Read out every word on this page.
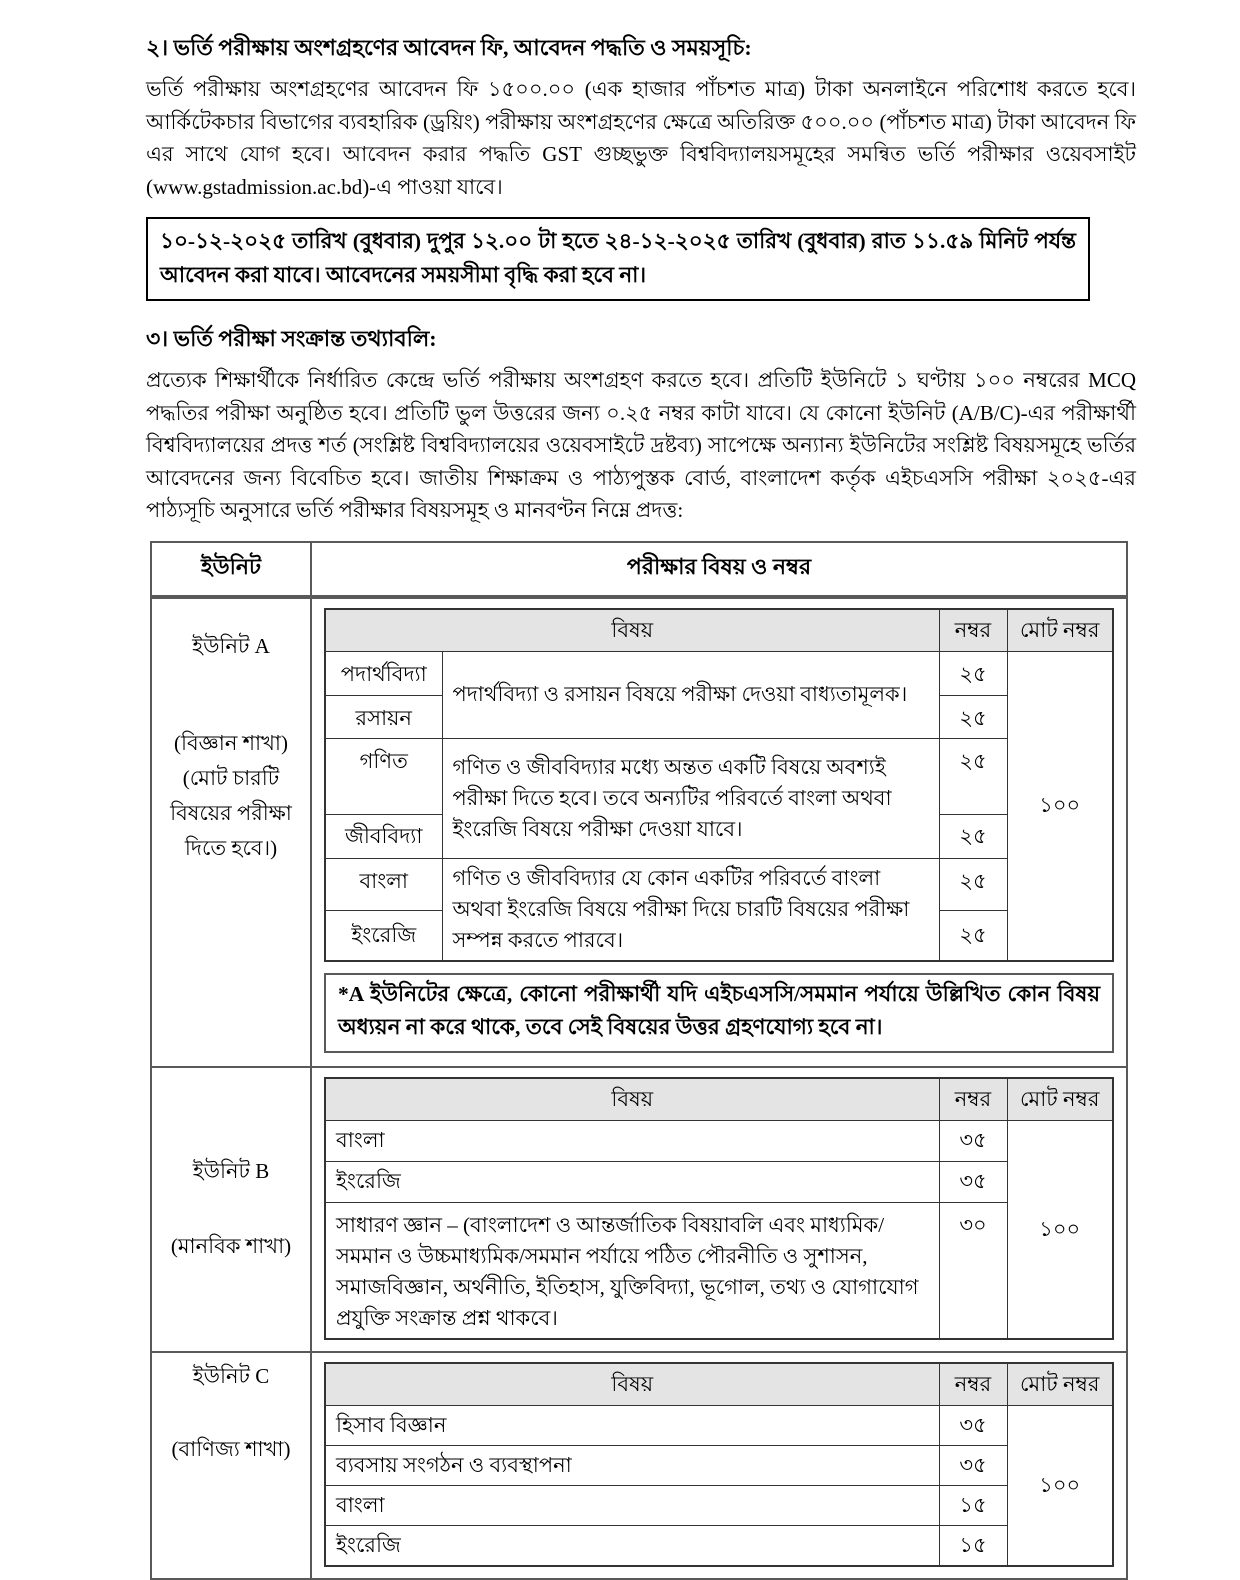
২। ভর্তি পরীক্ষায় অংশগ্রহণের আবেদন ফি, আবেদন পদ্ধতি ও সময়সূচি:
ভর্তি পরীক্ষায় অংশগ্রহণের আবেদন ফি ১৫০০.০০ (এক হাজার পাঁচশত মাত্র) টাকা অনলাইনে পরিশোধ করতে হবে। আর্কিটেকচার বিভাগের ব্যবহারিক (ড্রয়িং) পরীক্ষায় অংশগ্রহণের ক্ষেত্রে অতিরিক্ত ৫০০.০০ (পাঁচশত মাত্র) টাকা আবেদন ফি এর সাথে যোগ হবে। আবেদন করার পদ্ধতি GST গুচ্ছভুক্ত বিশ্ববিদ্যালয়সমূহের সমন্বিত ভর্তি পরীক্ষার ওয়েবসাইট (www.gstadmission.ac.bd)-এ পাওয়া যাবে।
১০-১২-২০২৫ তারিখ (বুধবার) দুপুর ১২.০০ টা হতে ২৪-১২-২০২৫ তারিখ (বুধবার) রাত ১১.৫৯ মিনিট পর্যন্ত আবেদন করা যাবে। আবেদনের সময়সীমা বৃদ্ধি করা হবে না।
৩। ভর্তি পরীক্ষা সংক্রান্ত তথ্যাবলি:
প্রত্যেক শিক্ষার্থীকে নির্ধারিত কেন্দ্রে ভর্তি পরীক্ষায় অংশগ্রহণ করতে হবে। প্রতিটি ইউনিটে ১ ঘণ্টায় ১০০ নম্বরের MCQ পদ্ধতির পরীক্ষা অনুষ্ঠিত হবে। প্রতিটি ভুল উত্তরের জন্য ০.২৫ নম্বর কাটা যাবে। যে কোনো ইউনিট (A/B/C)-এর পরীক্ষার্থী বিশ্ববিদ্যালয়ের প্রদত্ত শর্ত (সংশ্লিষ্ট বিশ্ববিদ্যালয়ের ওয়েবসাইটে দ্রষ্টব্য) সাপেক্ষে অন্যান্য ইউনিটের সংশ্লিষ্ট বিষয়সমূহে ভর্তির আবেদনের জন্য বিবেচিত হবে। জাতীয় শিক্ষাক্রম ও পাঠ্যপুস্তক বোর্ড, বাংলাদেশ কর্তৃক এইচএসসি পরীক্ষা ২০২৫-এর পাঠ্যসূচি অনুসারে ভর্তি পরীক্ষার বিষয়সমূহ ও মানবণ্টন নিম্নে প্রদত্ত:
ইউনিট	পরীক্ষার বিষয় ও নম্বর

ইউনিট A
(বিজ্ঞান শাখা)
(মোট চারটি বিষয়ের পরীক্ষা দিতে হবে।)

বিষয়	নম্বর	মোট নম্বর
পদার্থবিদ্যা	পদার্থবিদ্যা ও রসায়ন বিষয়ে পরীক্ষা দেওয়া বাধ্যতামূলক।	২৫	১০০
রসায়ন	২৫
গণিত	গণিত ও জীববিদ্যার মধ্যে অন্তত একটি বিষয়ে অবশ্যই পরীক্ষা দিতে হবে। তবে অন্যটির পরিবর্তে বাংলা অথবা ইংরেজি বিষয়ে পরীক্ষা দেওয়া যাবে।	২৫
জীববিদ্যা	২৫
বাংলা	গণিত ও জীববিদ্যার যে কোন একটির পরিবর্তে বাংলা অথবা ইংরেজি বিষয়ে পরীক্ষা দিয়ে চারটি বিষয়ের পরীক্ষা সম্পন্ন করতে পারবে।	২৫
ইংরেজি	২৫
*A ইউনিটের ক্ষেত্রে, কোনো পরীক্ষার্থী যদি এইচএসসি/সমমান পর্যায়ে উল্লিখিত কোন বিষয় অধ্যয়ন না করে থাকে, তবে সেই বিষয়ের উত্তর গ্রহণযোগ্য হবে না।

ইউনিট B
(মানবিক শাখা)

বিষয়	নম্বর	মোট নম্বর
বাংলা	৩৫	১০০
ইংরেজি	৩৫
সাধারণ জ্ঞান – (বাংলাদেশ ও আন্তর্জাতিক বিষয়াবলি এবং মাধ্যমিক/সমমান ও উচ্চমাধ্যমিক/সমমান পর্যায়ে পঠিত পৌরনীতি ও সুশাসন, সমাজবিজ্ঞান, অর্থনীতি, ইতিহাস, যুক্তিবিদ্যা, ভূগোল, তথ্য ও যোগাযোগ প্রযুক্তি সংক্রান্ত প্রশ্ন থাকবে।	৩০

ইউনিট C
(বাণিজ্য শাখা)

বিষয়	নম্বর	মোট নম্বর
হিসাব বিজ্ঞান	৩৫	১০০
ব্যবসায় সংগঠন ও ব্যবস্থাপনা	৩৫
বাংলা	১৫
ইংরেজি	১৫
